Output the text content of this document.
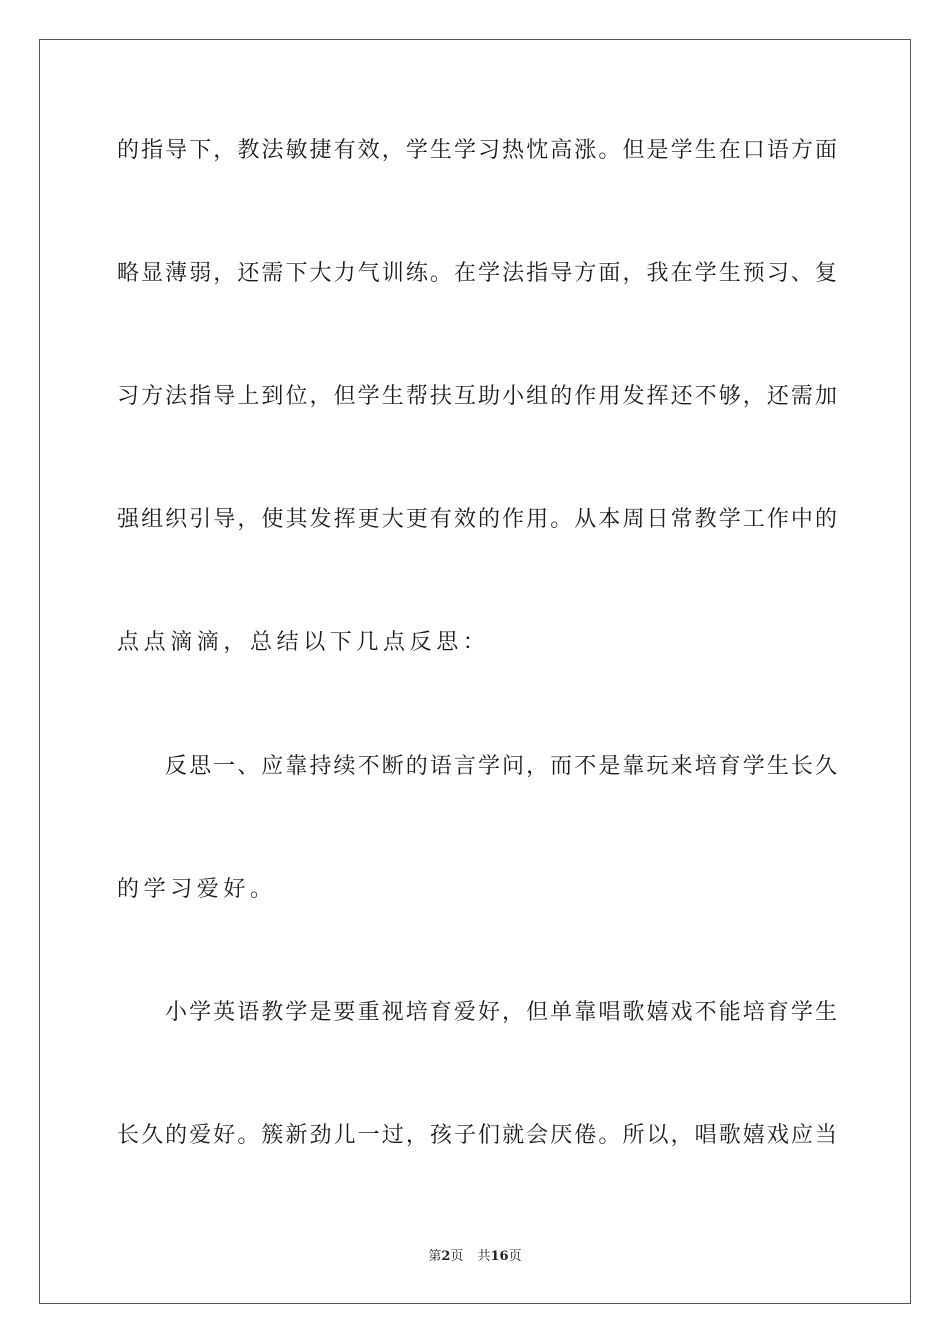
的指导下，教法敏捷有效，学生学习热忱高涨。但是学生在口语方面
略显薄弱，还需下大力气训练。在学法指导方面，我在学生预习、复
习方法指导上到位，但学生帮扶互助小组的作用发挥还不够，还需加
强组织引导，使其发挥更大更有效的作用。从本周日常教学工作中的
点点滴滴，总结以下几点反思：
反思一、应靠持续不断的语言学问，而不是靠玩来培育学生长久
的学习爱好。
小学英语教学是要重视培育爱好，但单靠唱歌嬉戏不能培育学生
长久的爱好。簇新劲儿一过，孩子们就会厌倦。所以，唱歌嬉戏应当
第2页 共16页
